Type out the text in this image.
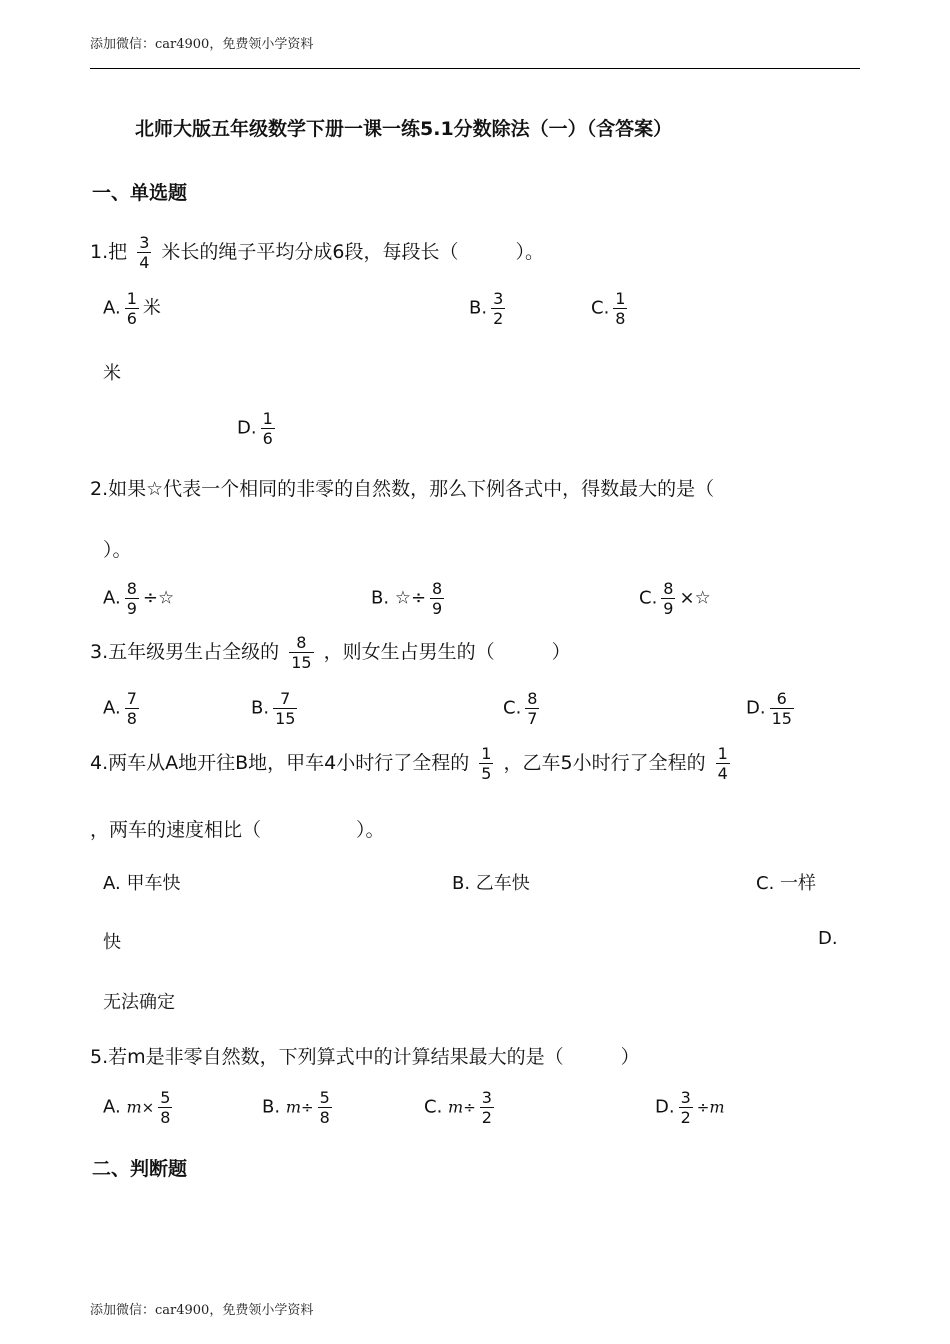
添加微信：car4900，免费领小学资料
北师大版五年级数学下册一课一练5.1分数除法（一）（含答案）
一、单选题
1.把 $\frac{3}{4}$ 米长的绳子平均分成6段，每段长（　　　）。
A. $\frac{1}{6}$ 米	B. $\frac{3}{2}$	C. $\frac{1}{8}$
米
D. $\frac{1}{6}$
2.如果☆代表一个相同的非零的自然数，那么下例各式中，得数最大的是（
）。
A. $\frac{8}{9}$ ÷☆	B. ☆÷ $\frac{8}{9}$	C. $\frac{8}{9}$ ×☆
3.五年级男生占全级的 $\frac{8}{15}$ ，则女生占男生的（　　　）
A. $\frac{7}{8}$	B. $\frac{7}{15}$	C. $\frac{8}{7}$	D. $\frac{6}{15}$
4.两车从A地开往B地，甲车4小时行了全程的 $\frac{1}{5}$ ，乙车5小时行了全程的 $\frac{1}{4}$
，两车的速度相比（　　　　　）。
A. 甲车快	B. 乙车快	C. 一样
快	D.
无法确定
5.若m是非零自然数，下列算式中的计算结果最大的是（　　　）
A. $m\times \frac{5}{8}$	B. $m\div \frac{5}{8}$	C. $m\div \frac{3}{2}$	D. $\frac{3}{2} \div m$
二、判断题
添加微信：car4900，免费领小学资料
